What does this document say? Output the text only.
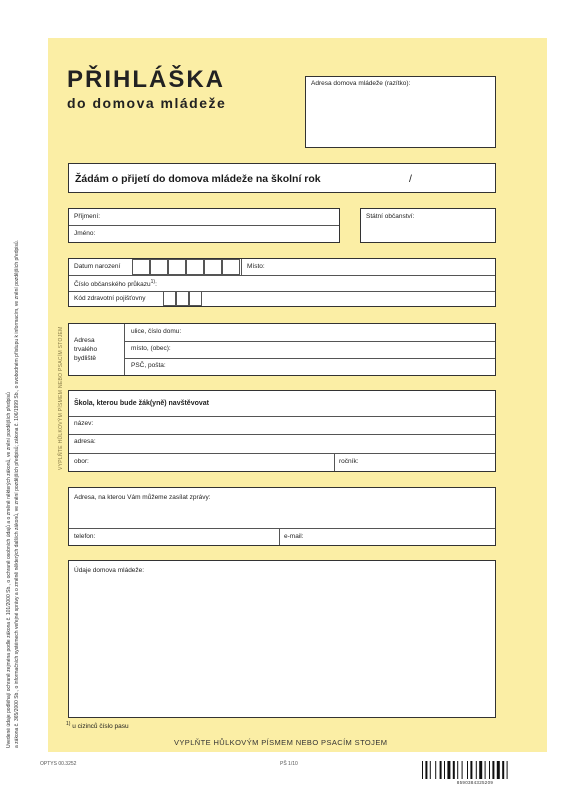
Uvedené údaje podléhají ochraně zejména podle zákona č. 101/2000 Sb., o ochraně osobních údajů a o změně některých zákonů, ve znění pozdějších předpisů a zákona č. 365/2000 Sb., o informačních systémech veřejné správy a o změně některých dalších zákonů, ve znění pozdějších předpisů; zákona č. 106/1999 Sb., o svobodném přístupu k informacím, ve znění pozdějších předpisů.	VYPLŇTE HŮLKOVÝM PÍSMEM NEBO PSACÍM STOJEM
PŘIHLÁŠKA
do domova mládeže
Adresa domova mládeže (razítko):
Žádám o přijetí do domova mládeže na školní rok	/
Příjmení:
Jméno:
Státní občanství:
Datum narození	Místo:
Číslo občanského průkazu$^{1)}$:
Kód zdravotní pojišťovny
Adresa trvalého bydliště
ulice, číslo domu:
místo, (obec):
PSČ, pošta:
Škola, kterou bude žák(yně) navštěvovat
název:
adresa:
obor:	ročník:
Adresa, na kterou Vám můžeme zasílat zprávy:
telefon:	e-mail:
Údaje domova mládeže:
$^{1)}$ u cizinců číslo pasu
VYPLŇTE HŮLKOVÝM PÍSMEM NEBO PSACÍM STOJEM
OPTYS 00.3252	PŠ 1/10
8590384325209
